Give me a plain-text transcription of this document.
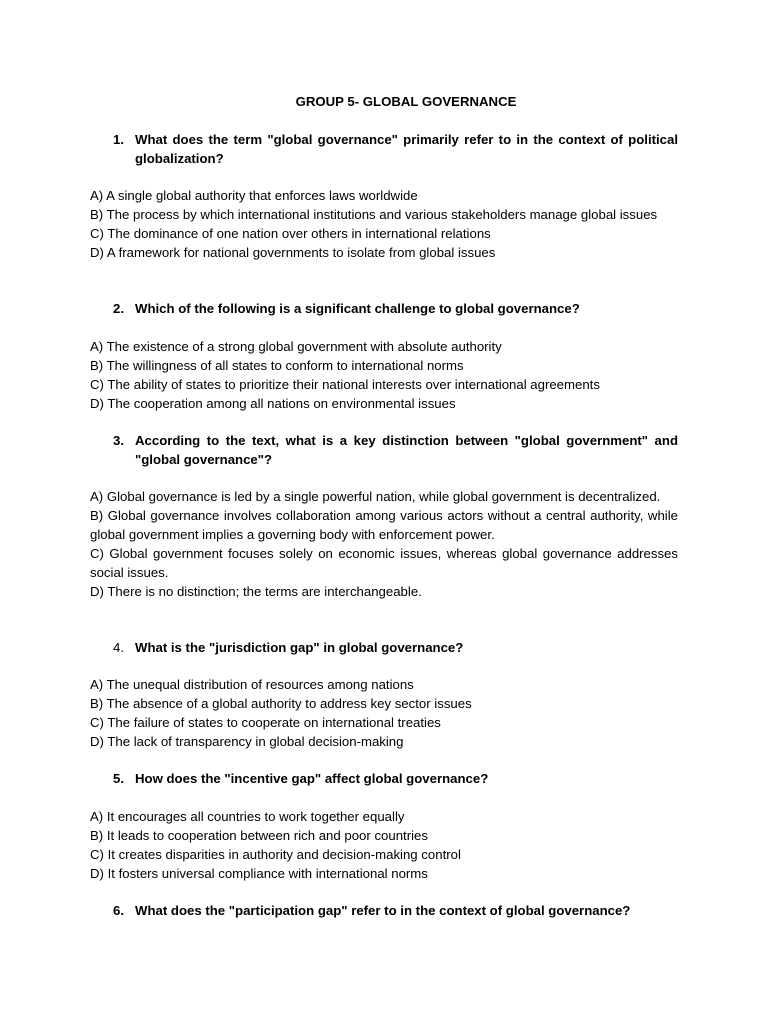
GROUP 5- GLOBAL GOVERNANCE
1. What does the term "global governance" primarily refer to in the context of political globalization?
A) A single global authority that enforces laws worldwide
B) The process by which international institutions and various stakeholders manage global issues
C) The dominance of one nation over others in international relations
D) A framework for national governments to isolate from global issues
2. Which of the following is a significant challenge to global governance?
A) The existence of a strong global government with absolute authority
B) The willingness of all states to conform to international norms
C) The ability of states to prioritize their national interests over international agreements
D) The cooperation among all nations on environmental issues
3. According to the text, what is a key distinction between "global government" and "global governance"?
A) Global governance is led by a single powerful nation, while global government is decentralized.
B) Global governance involves collaboration among various actors without a central authority, while global government implies a governing body with enforcement power.
C) Global government focuses solely on economic issues, whereas global governance addresses social issues.
D) There is no distinction; the terms are interchangeable.
4. What is the "jurisdiction gap" in global governance?
A) The unequal distribution of resources among nations
B) The absence of a global authority to address key sector issues
C) The failure of states to cooperate on international treaties
D) The lack of transparency in global decision-making
5. How does the "incentive gap" affect global governance?
A) It encourages all countries to work together equally
B) It leads to cooperation between rich and poor countries
C) It creates disparities in authority and decision-making control
D) It fosters universal compliance with international norms
6. What does the "participation gap" refer to in the context of global governance?
